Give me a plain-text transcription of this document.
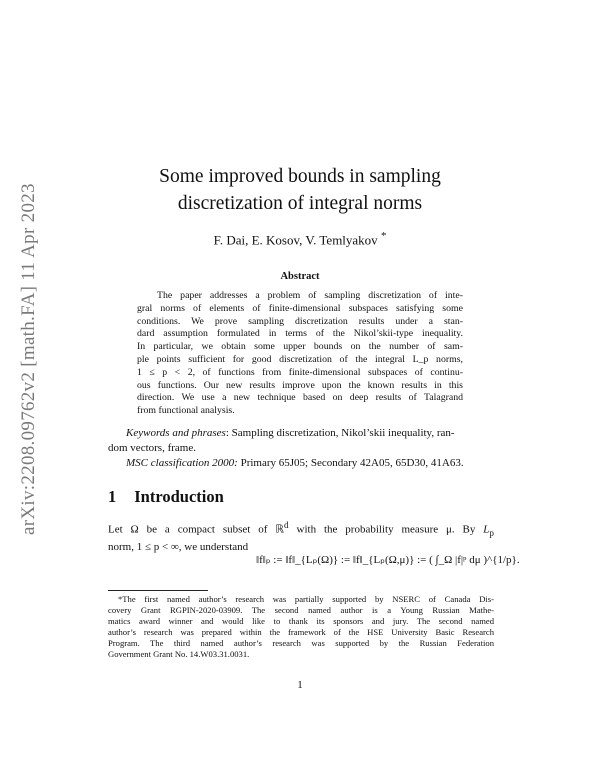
arXiv:2208.09762v2 [math.FA] 11 Apr 2023
Some improved bounds in sampling
discretization of integral norms
F. Dai, E. Kosov, V. Temlyakov *
Abstract
The paper addresses a problem of sampling discretization of inte-
gral norms of elements of finite-dimensional subspaces satisfying some
conditions. We prove sampling discretization results under a stan-
dard assumption formulated in terms of the Nikol’skii-type inequality.
In particular, we obtain some upper bounds on the number of sam-
ple points sufficient for good discretization of the integral L_p norms,
1 ≤ p < 2, of functions from finite-dimensional subspaces of continu-
ous functions. Our new results improve upon the known results in this
direction. We use a new technique based on deep results of Talagrand
from functional analysis.
Keywords and phrases: Sampling discretization, Nikol’skii inequality, ran-
dom vectors, frame.
MSC classification 2000: Primary 65J05; Secondary 42A05, 65D30, 41A63.
1 Introduction
Let Ω be a compact subset of ℝ$^d$ with the probability measure μ. By $L_p$
norm, 1 ≤ p < ∞, we understand
‖f‖ₚ := ‖f‖_{Lₚ(Ω)} := ‖f‖_{Lₚ(Ω,μ)} := ( ∫_Ω |f|ᵖ dμ )^{1/p}.
*The first named author’s research was partially supported by NSERC of Canada Dis-
covery Grant RGPIN-2020-03909. The second named author is a Young Russian Mathe-
matics award winner and would like to thank its sponsors and jury. The second named
author’s research was prepared within the framework of the HSE University Basic Research
Program. The third named author’s research was supported by the Russian Federation
Government Grant No. 14.W03.31.0031.
1
